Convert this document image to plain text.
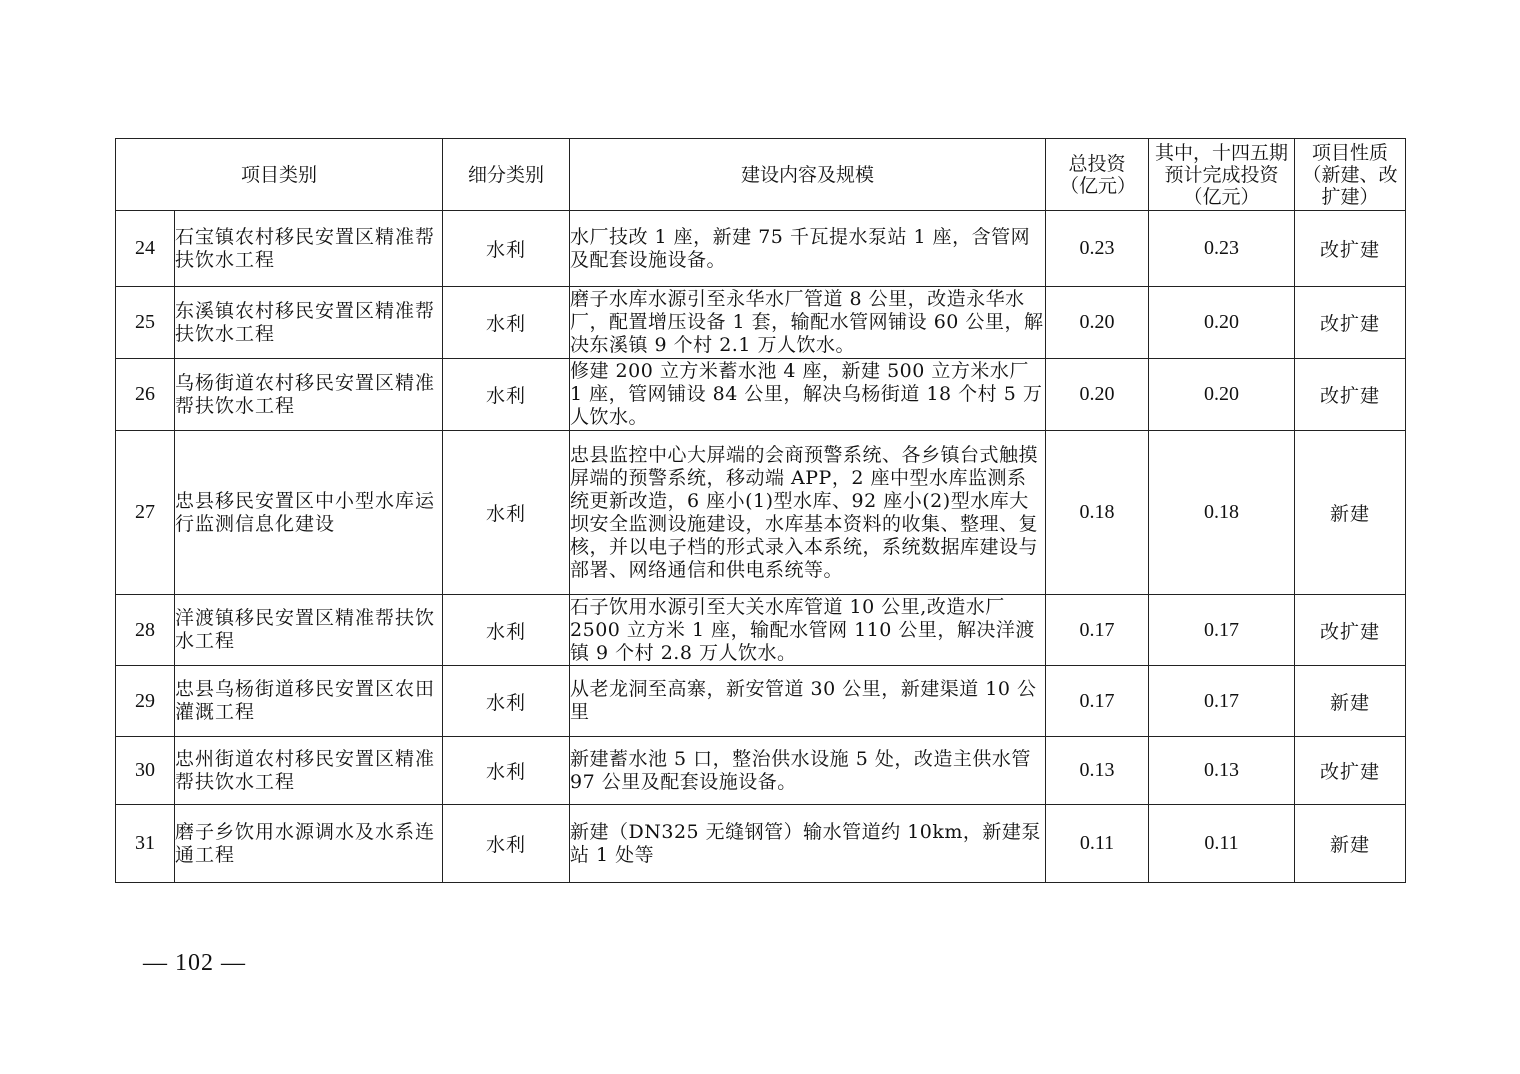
项目类别		细分类别	建设内容及规模	总投资（亿元）	其中，十四五期预计完成投资（亿元）	项目性质（新建、改扩建）
24	石宝镇农村移民安置区精准帮扶饮水工程	水利	水厂技改 1 座，新建 75 千瓦提水泵站 1 座，含管网及配套设施设备。	0.23	0.23	改扩建
25	东溪镇农村移民安置区精准帮扶饮水工程	水利	磨子水库水源引至永华水厂管道 8 公里，改造永华水厂，配置增压设备 1 套，输配水管网铺设 60 公里，解决东溪镇 9 个村 2.1 万人饮水。	0.20	0.20	改扩建
26	乌杨街道农村移民安置区精准帮扶饮水工程	水利	修建 200 立方米蓄水池 4 座，新建 500 立方米水厂 1 座，管网铺设 84 公里，解决乌杨街道 18 个村 5 万人饮水。	0.20	0.20	改扩建
27	忠县移民安置区中小型水库运行监测信息化建设	水利	忠县监控中心大屏端的会商预警系统、各乡镇台式触摸屏端的预警系统，移动端 APP，2 座中型水库监测系统更新改造，6 座小(1)型水库、92 座小(2)型水库大坝安全监测设施建设，水库基本资料的收集、整理、复核，并以电子档的形式录入本系统，系统数据库建设与部署、网络通信和供电系统等。	0.18	0.18	新建
28	洋渡镇移民安置区精准帮扶饮水工程	水利	石子饮用水源引至大关水库管道 10 公里,改造水厂 2500 立方米 1 座，输配水管网 110 公里，解决洋渡镇 9 个村 2.8 万人饮水。	0.17	0.17	改扩建
29	忠县乌杨街道移民安置区农田灌溉工程	水利	从老龙洞至高寨，新安管道 30 公里，新建渠道 10 公里	0.17	0.17	新建
30	忠州街道农村移民安置区精准帮扶饮水工程	水利	新建蓄水池 5 口，整治供水设施 5 处，改造主供水管 97 公里及配套设施设备。	0.13	0.13	改扩建
31	磨子乡饮用水源调水及水系连通工程	水利	新建（DN325 无缝钢管）输水管道约 10km，新建泵站 1 处等	0.11	0.11	新建
— 102 —
